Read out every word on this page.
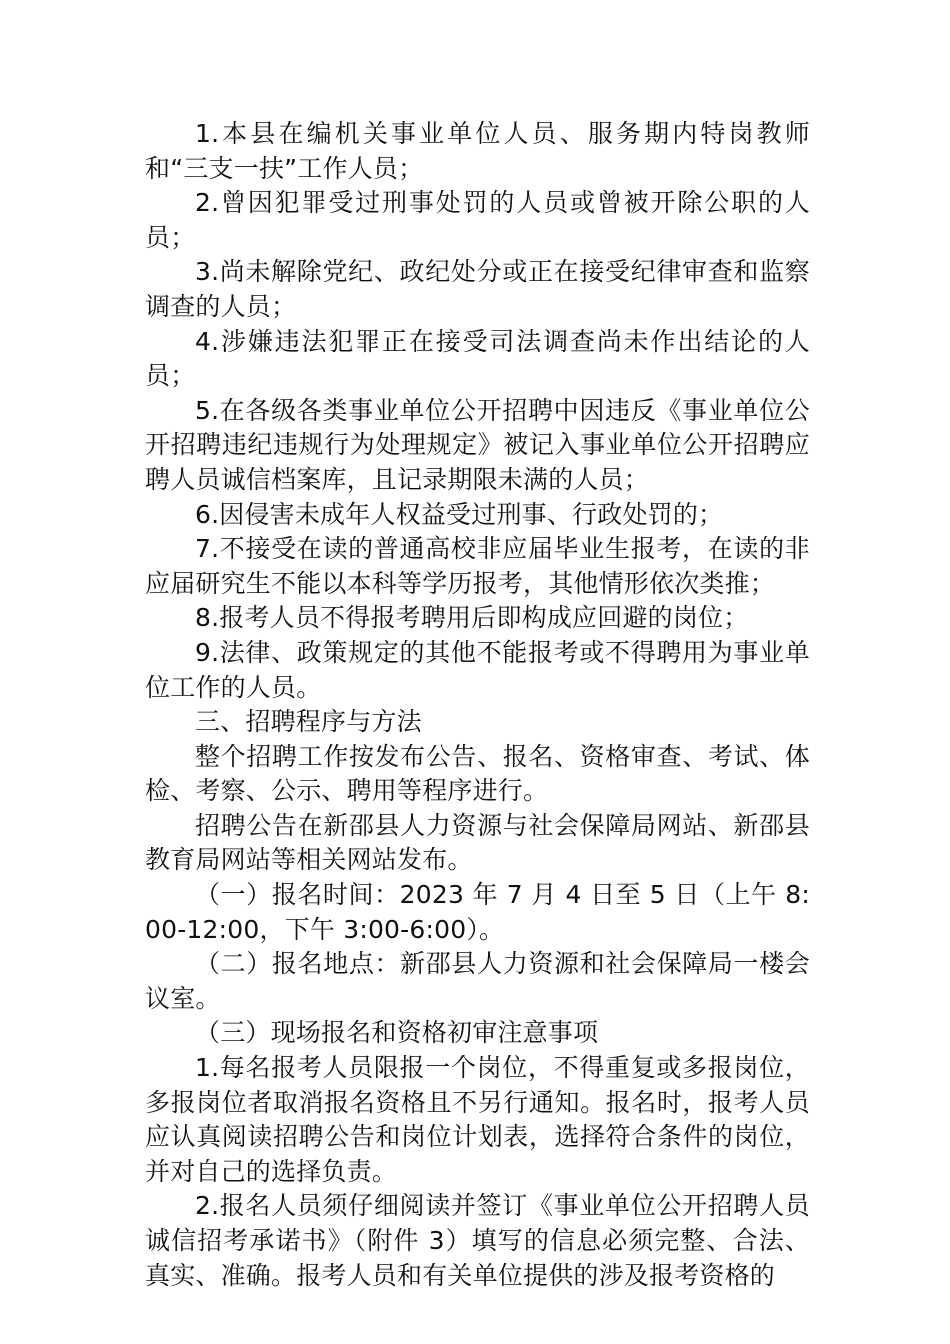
1.本县在编机关事业单位人员、服务期内特岗教师和“三支一扶”工作人员；

2.曾因犯罪受过刑事处罚的人员或曾被开除公职的人员；

3.尚未解除党纪、政纪处分或正在接受纪律审查和监察调查的人员；

4.涉嫌违法犯罪正在接受司法调查尚未作出结论的人员；

5.在各级各类事业单位公开招聘中因违反《事业单位公开招聘违纪违规行为处理规定》被记入事业单位公开招聘应聘人员诚信档案库，且记录期限未满的人员；

6.因侵害未成年人权益受过刑事、行政处罚的；

7.不接受在读的普通高校非应届毕业生报考，在读的非应届研究生不能以本科等学历报考，其他情形依次类推；

8.报考人员不得报考聘用后即构成应回避的岗位；

9.法律、政策规定的其他不能报考或不得聘用为事业单位工作的人员。

三、招聘程序与方法

整个招聘工作按发布公告、报名、资格审查、考试、体检、考察、公示、聘用等程序进行。

招聘公告在新邵县人力资源与社会保障局网站、新邵县教育局网站等相关网站发布。

（一）报名时间：2023 年 7 月 4 日至 5 日（上午 8:00-12:00，下午 3:00-6:00）。

（二）报名地点：新邵县人力资源和社会保障局一楼会议室。

（三）现场报名和资格初审注意事项

1.每名报考人员限报一个岗位，不得重复或多报岗位，多报岗位者取消报名资格且不另行通知。报名时，报考人员应认真阅读招聘公告和岗位计划表，选择符合条件的岗位，并对自己的选择负责。

2.报名人员须仔细阅读并签订《事业单位公开招聘人员诚信招考承诺书》（附件 3）填写的信息必须完整、合法、真实、准确。报考人员和有关单位提供的涉及报考资格的
